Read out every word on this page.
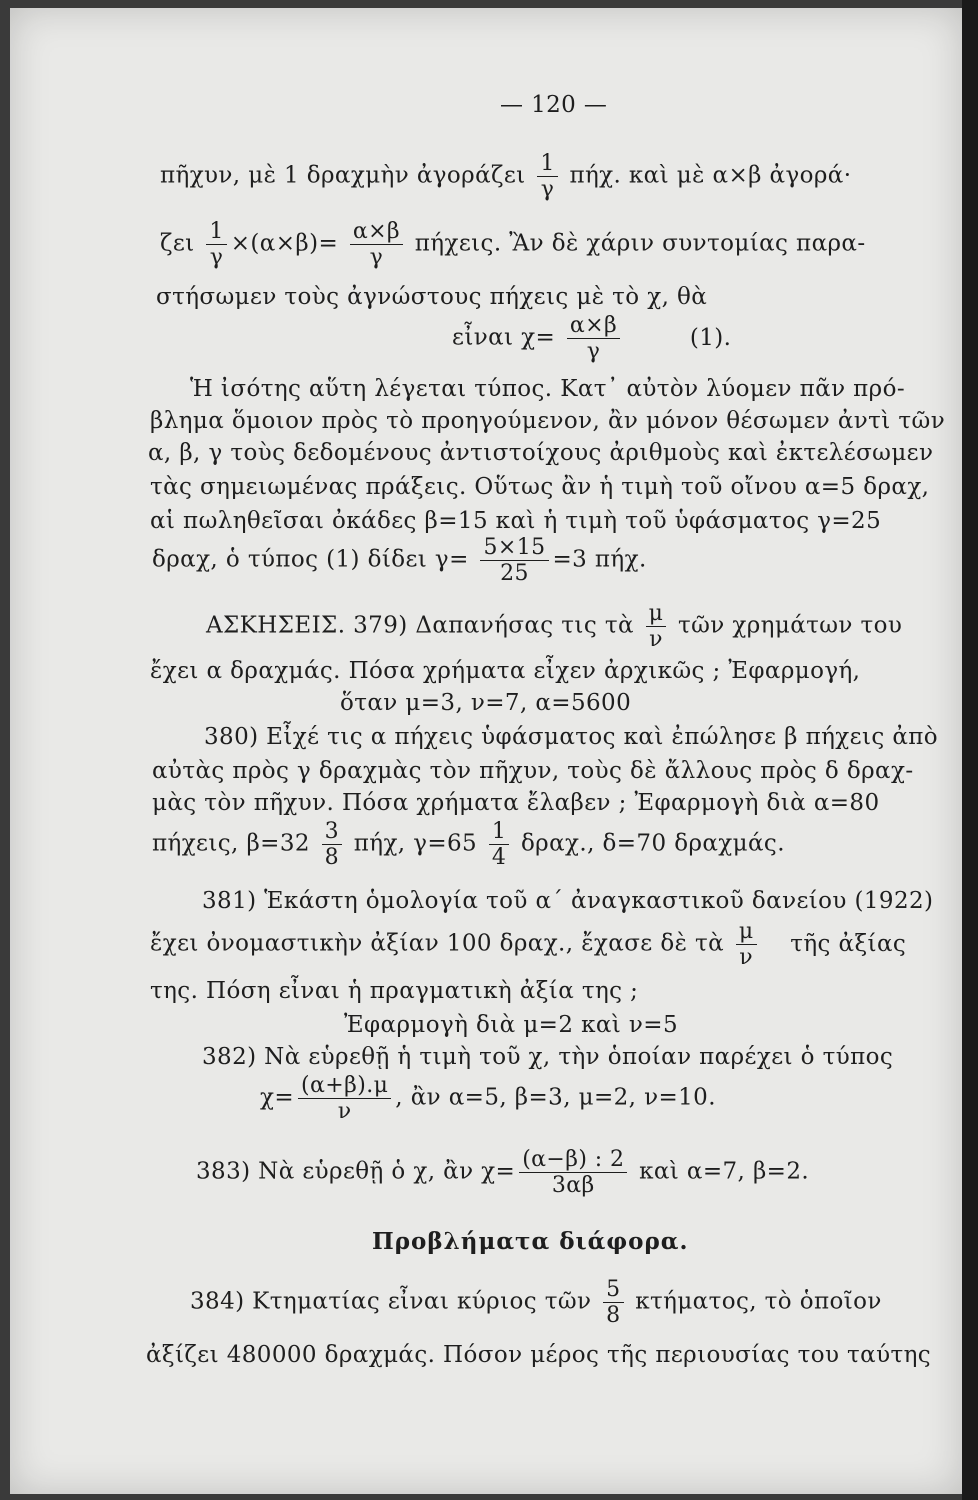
— 120 —
πῆχυν, μὲ 1 δραχμὴν ἀγοράζει $\frac{1}{\gamma} \pi ή\chi$. καὶ μὲ α×β ἀγορά·
ζει $\frac{1}{\gamma} \times(\alpha\times\beta)= \frac{\alpha\times\beta}{\gamma} \pi ή\chi\varepsilon\iota\varsigma$. Ἂν δὲ χάριν συντομίας παρα-
στήσωμεν τοὺς ἀγνώστους πήχεις μὲ τὸ χ, θὰ
εἶναι $\chi= \frac{\alpha\times\beta}{\gamma}$	(1).
Ἡ ἰσότης αὕτη λέγεται τύπος. Κατ᾽ αὐτὸν λύομεν πᾶν πρό-
βλημα ὅμοιον πρὸς τὸ προηγούμενον, ἂν μόνον θέσωμεν ἀντὶ τῶν
α, β, γ τοὺς δεδομένους ἀντιστοίχους ἀριθμοὺς καὶ ἐκτελέσωμεν
τὰς σημειωμένας πράξεις. Οὕτως ἂν ἡ τιμὴ τοῦ οἴνου α=5 δραχ,
αἱ πωληθεῖσαι ὀκάδες β=15 καὶ ἡ τιμὴ τοῦ ὑφάσματος γ=25
δραχ, ὁ τύπος (1) δίδει $\gamma= \frac{5\times 15}{25} =3$ πήχ.
ΑΣΚΗΣΕΙΣ. 379) Δαπανήσας τις τὰ $\frac{\mu}{\nu}$ τῶν χρημάτων του
ἔχει α δραχμάς. Πόσα χρήματα εἶχεν ἀρχικῶς ; Ἐφαρμογή,
ὅταν μ=3, ν=7, α=5600
380) Εἶχέ τις α πήχεις ὑφάσματος καὶ ἐπώλησε β πήχεις ἀπὸ
αὐτὰς πρὸς γ δραχμὰς τὸν πῆχυν, τοὺς δὲ ἄλλους πρὸς δ δραχ-
μὰς τὸν πῆχυν. Πόσα χρήματα ἔλαβεν ; Ἐφαρμογὴ διὰ α=80
πήχεις, $\beta=32 \frac{3}{8} \pi ή\chi$, $\gamma=65 \frac{1}{4} \delta\rho\alpha\chi$., δ=70 δραχμάς.
381) Ἑκάστη ὁμολογία τοῦ α΄ ἀναγκαστικοῦ δανείου (1922)
ἔχει ὀνομαστικὴν ἀξίαν 100 δραχ., ἔχασε δὲ τὰ $\frac{\mu}{\nu}$ τῆς ἀξίας
της. Πόση εἶναι ἡ πραγματικὴ ἀξία της ;
Ἐφαρμογὴ διὰ μ=2 καὶ ν=5
382) Νὰ εὑρεθῇ ἡ τιμὴ τοῦ χ, τὴν ὁποίαν παρέχει ὁ τύπος
$\chi= \frac{(\alpha+\beta).\mu}{\nu}$ , ἂν α=5, β=3, μ=2, ν=10.
383) Νὰ εὑρεθῇ ὁ χ, ἂν $\chi= \frac{(\alpha-\beta) : 2}{3\alpha\beta}$ καὶ α=7, β=2.
Προβλήματα διάφορα.
384) Κτηματίας εἶναι κύριος τῶν $\frac{5}{8} \kappa\tau ή\mu\alpha\tau o\varsigma$, τὸ ὁποῖον
ἀξίζει 480000 δραχμάς. Πόσον μέρος τῆς περιουσίας του ταύτης
